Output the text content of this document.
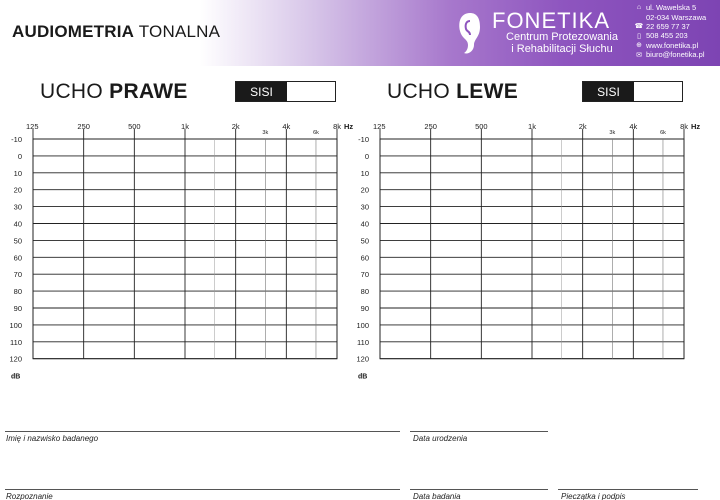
AUDIOMETRIA TONALNA	FONETIKA
Centrum Protezowania
i Rehabilitacji Słuchu
⌂ ul. Wawelska 5
02-034 Warszawa
☎ 22 659 77 37
▯ 508 455 203
⊕ www.fonetika.pl
✉ biuro@fonetika.pl
UCHO PRAWE	SISI	UCHO LEWE	SISI
-10
0
10
20
30
40
50
60
70
80
90
100
110
120
125	250	500	1k	2k	4k	8k
3k	6k
Hz
dB
-10
0
10
20
30
40
50
60
70
80
90
100
110
120
125	250	500	1k	2k	4k	8k
3k	6k
Hz
dB
Imię i nazwisko badanego	Data urodzenia
Rozpoznanie	Data badania	Pieczątka i podpis
